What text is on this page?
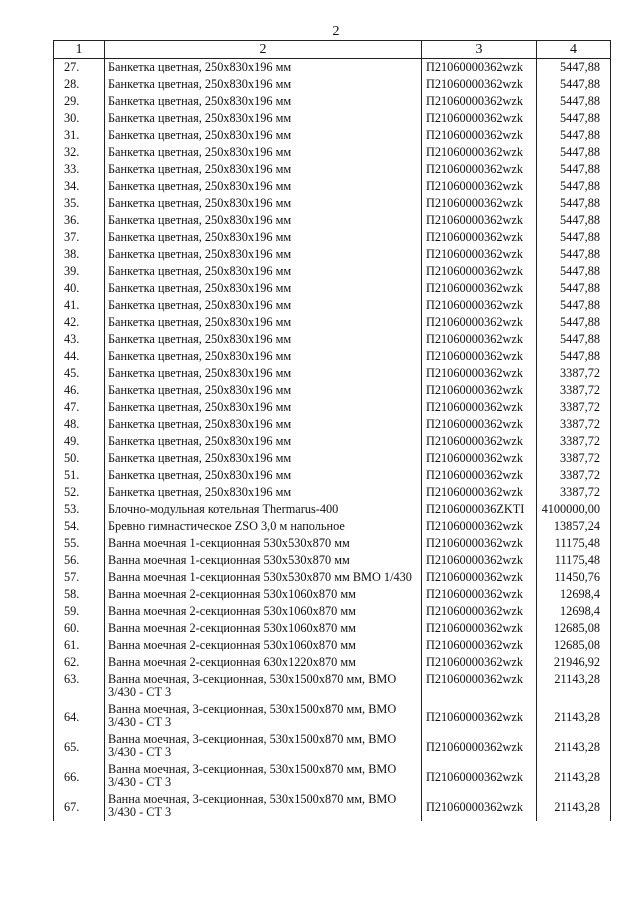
2
1	2	3	4
27.	Банкетка цветная, 250x830x196 мм	П21060000362wzk	5447,88
28.	Банкетка цветная, 250x830x196 мм	П21060000362wzk	5447,88
29.	Банкетка цветная, 250x830x196 мм	П21060000362wzk	5447,88
30.	Банкетка цветная, 250x830x196 мм	П21060000362wzk	5447,88
31.	Банкетка цветная, 250x830x196 мм	П21060000362wzk	5447,88
32.	Банкетка цветная, 250x830x196 мм	П21060000362wzk	5447,88
33.	Банкетка цветная, 250x830x196 мм	П21060000362wzk	5447,88
34.	Банкетка цветная, 250x830x196 мм	П21060000362wzk	5447,88
35.	Банкетка цветная, 250x830x196 мм	П21060000362wzk	5447,88
36.	Банкетка цветная, 250x830x196 мм	П21060000362wzk	5447,88
37.	Банкетка цветная, 250x830x196 мм	П21060000362wzk	5447,88
38.	Банкетка цветная, 250x830x196 мм	П21060000362wzk	5447,88
39.	Банкетка цветная, 250x830x196 мм	П21060000362wzk	5447,88
40.	Банкетка цветная, 250x830x196 мм	П21060000362wzk	5447,88
41.	Банкетка цветная, 250x830x196 мм	П21060000362wzk	5447,88
42.	Банкетка цветная, 250x830x196 мм	П21060000362wzk	5447,88
43.	Банкетка цветная, 250x830x196 мм	П21060000362wzk	5447,88
44.	Банкетка цветная, 250x830x196 мм	П21060000362wzk	5447,88
45.	Банкетка цветная, 250x830x196 мм	П21060000362wzk	3387,72
46.	Банкетка цветная, 250x830x196 мм	П21060000362wzk	3387,72
47.	Банкетка цветная, 250x830x196 мм	П21060000362wzk	3387,72
48.	Банкетка цветная, 250x830x196 мм	П21060000362wzk	3387,72
49.	Банкетка цветная, 250x830x196 мм	П21060000362wzk	3387,72
50.	Банкетка цветная, 250x830x196 мм	П21060000362wzk	3387,72
51.	Банкетка цветная, 250x830x196 мм	П21060000362wzk	3387,72
52.	Банкетка цветная, 250x830x196 мм	П21060000362wzk	3387,72
53.	Блочно-модульная котельная Thermarus-400	П21060000З6ZKTI	4100000,00
54.	Бревно гимнастическое ZSO 3,0 м напольное	П21060000362wzk	13857,24
55.	Ванна моечная 1-секционная 530x530x870 мм	П21060000362wzk	11175,48
56.	Ванна моечная 1-секционная 530x530x870 мм	П21060000362wzk	11175,48
57.	Ванна моечная 1-секционная 530x530x870 мм ВМО 1/430	П21060000362wzk	11450,76
58.	Ванна моечная 2-секционная 530x1060x870 мм	П21060000362wzk	12698,4
59.	Ванна моечная 2-секционная 530x1060x870 мм	П21060000362wzk	12698,4
60.	Ванна моечная 2-секционная 530x1060x870 мм	П21060000362wzk	12685,08
61.	Ванна моечная 2-секционная 530x1060x870 мм	П21060000362wzk	12685,08
62.	Ванна моечная 2-секционная 630x1220x870 мм	П21060000362wzk	21946,92
63.	Ванна моечная, 3-секционная, 530x1500x870 мм, ВМО 3/430 - СТ 3	П21060000362wzk	21143,28
64.	Ванна моечная, 3-секционная, 530x1500x870 мм, ВМО 3/430 - СТ 3	П21060000362wzk	21143,28
65.	Ванна моечная, 3-секционная, 530x1500x870 мм, ВМО 3/430 - СТ 3	П21060000362wzk	21143,28
66.	Ванна моечная, 3-секционная, 530x1500x870 мм, ВМО 3/430 - СТ 3	П21060000362wzk	21143,28
67.	Ванна моечная, 3-секционная, 530x1500x870 мм, ВМО 3/430 - СТ 3	П21060000362wzk	21143,28
